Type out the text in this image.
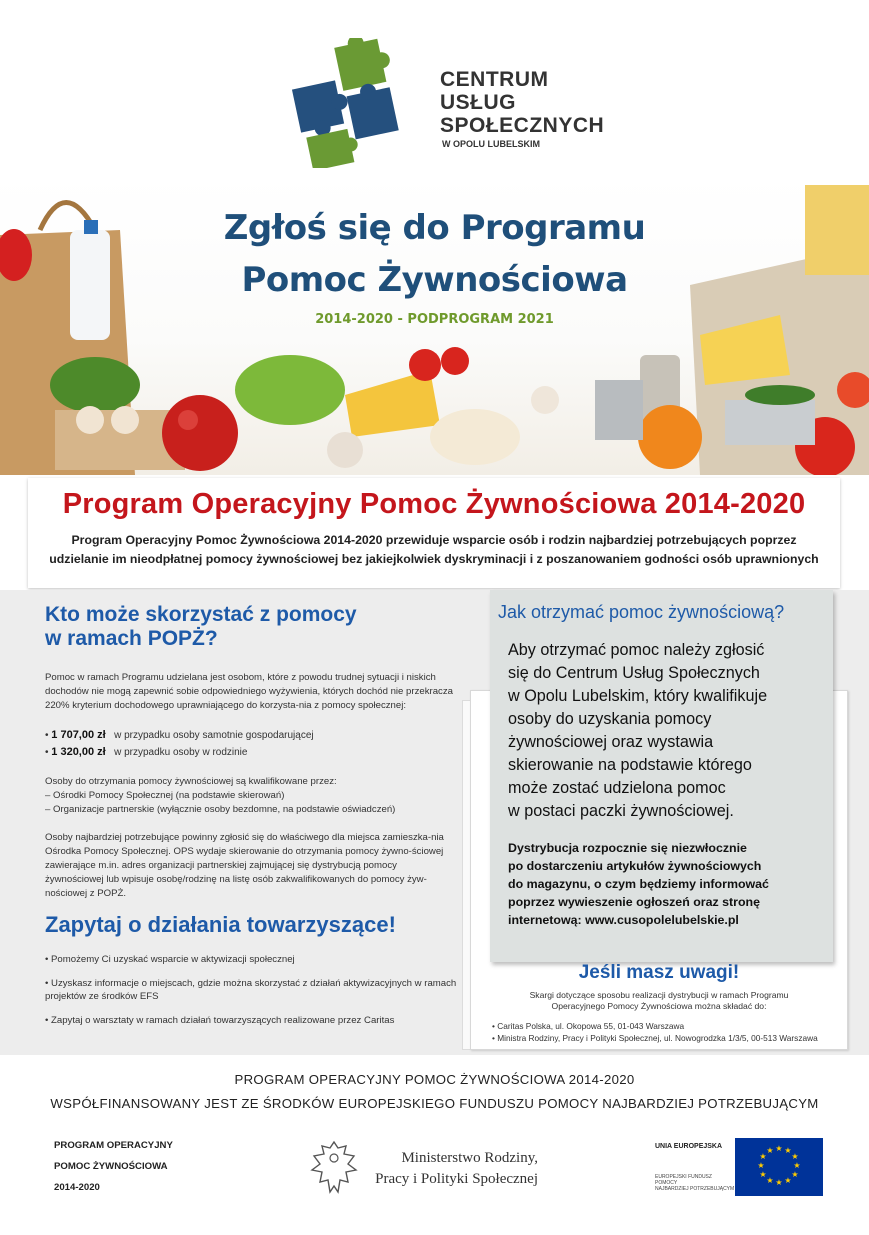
CENTRUM
USŁUG
SPOŁECZNYCH
W OPOLU LUBELSKIM
Zgłoś się do Programu
Pomoc Żywnościowa
2014-2020 - PODPROGRAM 2021
Program Operacyjny Pomoc Żywnościowa 2014-2020
Program Operacyjny Pomoc Żywnościowa 2014-2020 przewiduje wsparcie osób i rodzin najbardziej potrzebujących poprzez
udzielanie im nieodpłatnej pomocy żywnościowej bez jakiejkolwiek dyskryminacji i z poszanowaniem godności osób uprawnionych
Kto może skorzystać z pomocy
w ramach POPŻ?
Pomoc w ramach Programu udzielana jest osobom, które z powodu trudnej sytuacji i niskich dochodów nie mogą zapewnić sobie odpowiedniego wyżywienia, których dochód nie przekracza 220% kryterium dochodowego uprawniającego do korzysta-nia z pomocy społecznej:
• 1 707,00 zł w przypadku osoby samotnie gospodarującej
• 1 320,00 zł w przypadku osoby w rodzinie
Osoby do otrzymania pomocy żywnościowej są kwalifikowane przez:
– Ośrodki Pomocy Społecznej (na podstawie skierowań)
– Organizacje partnerskie (wyłącznie osoby bezdomne, na podstawie oświadczeń)
Osoby najbardziej potrzebujące powinny zgłosić się do właściwego dla miejsca zamieszka-nia Ośrodka Pomocy Społecznej. OPS wydaje skierowanie do otrzymania pomocy żywno-ściowej zawierające m.in. adres organizacji partnerskiej zajmującej się dystrybucją pomocy żywnościowej lub wpisuje osobę/rodzinę na listę osób zakwalifikowanych do pomocy żyw-nościowej z POPŻ.
Zapytaj o działania towarzyszące!
• Pomożemy Ci uzyskać wsparcie w aktywizacji społecznej
• Uzyskasz informacje o miejscach, gdzie można skorzystać z działań aktywizacyjnych w ramach projektów ze środków EFS
• Zapytaj o warsztaty w ramach działań towarzyszących realizowane przez Caritas
Jak otrzymać pomoc żywnościową?
Aby otrzymać pomoc należy zgłosić
się do Centrum Usług Społecznych
w Opolu Lubelskim, który kwalifikuje
osoby do uzyskania pomocy
żywnościowej oraz wystawia
skierowanie na podstawie którego
może zostać udzielona pomoc
w postaci paczki żywnościowej.
Dystrybucja rozpocznie się niezwłocznie
po dostarczeniu artykułów żywnościowych
do magazynu, o czym będziemy informować
poprzez wywieszenie ogłoszeń oraz stronę
internetową: www.cusopolelubelskie.pl
Jeśli masz uwagi!
Skargi dotyczące sposobu realizacji dystrybucji w ramach Programu
Operacyjnego Pomocy Żywnościowa można składać do:
• Caritas Polska, ul. Okopowa 55, 01-043 Warszawa
• Ministra Rodziny, Pracy i Polityki Społecznej, ul. Nowogrodzka 1/3/5, 00-513 Warszawa
PROGRAM OPERACYJNY POMOC ŻYWNOŚCIOWA 2014-2020
WSPÓŁFINANSOWANY JEST ZE ŚRODKÓW EUROPEJSKIEGO FUNDUSZU POMOCY NAJBARDZIEJ POTRZEBUJĄCYM
PROGRAM OPERACYJNY
POMOC ŻYWNOŚCIOWA
2014-2020
Ministerstwo Rodziny,
Pracy i Polityki Społecznej
UNIA EUROPEJSKA
EUROPEJSKI FUNDUSZ POMOCY
NAJBARDZIEJ POTRZEBUJĄCYM
★ ★
★
★
★
★
★
★
★
★
★
★
